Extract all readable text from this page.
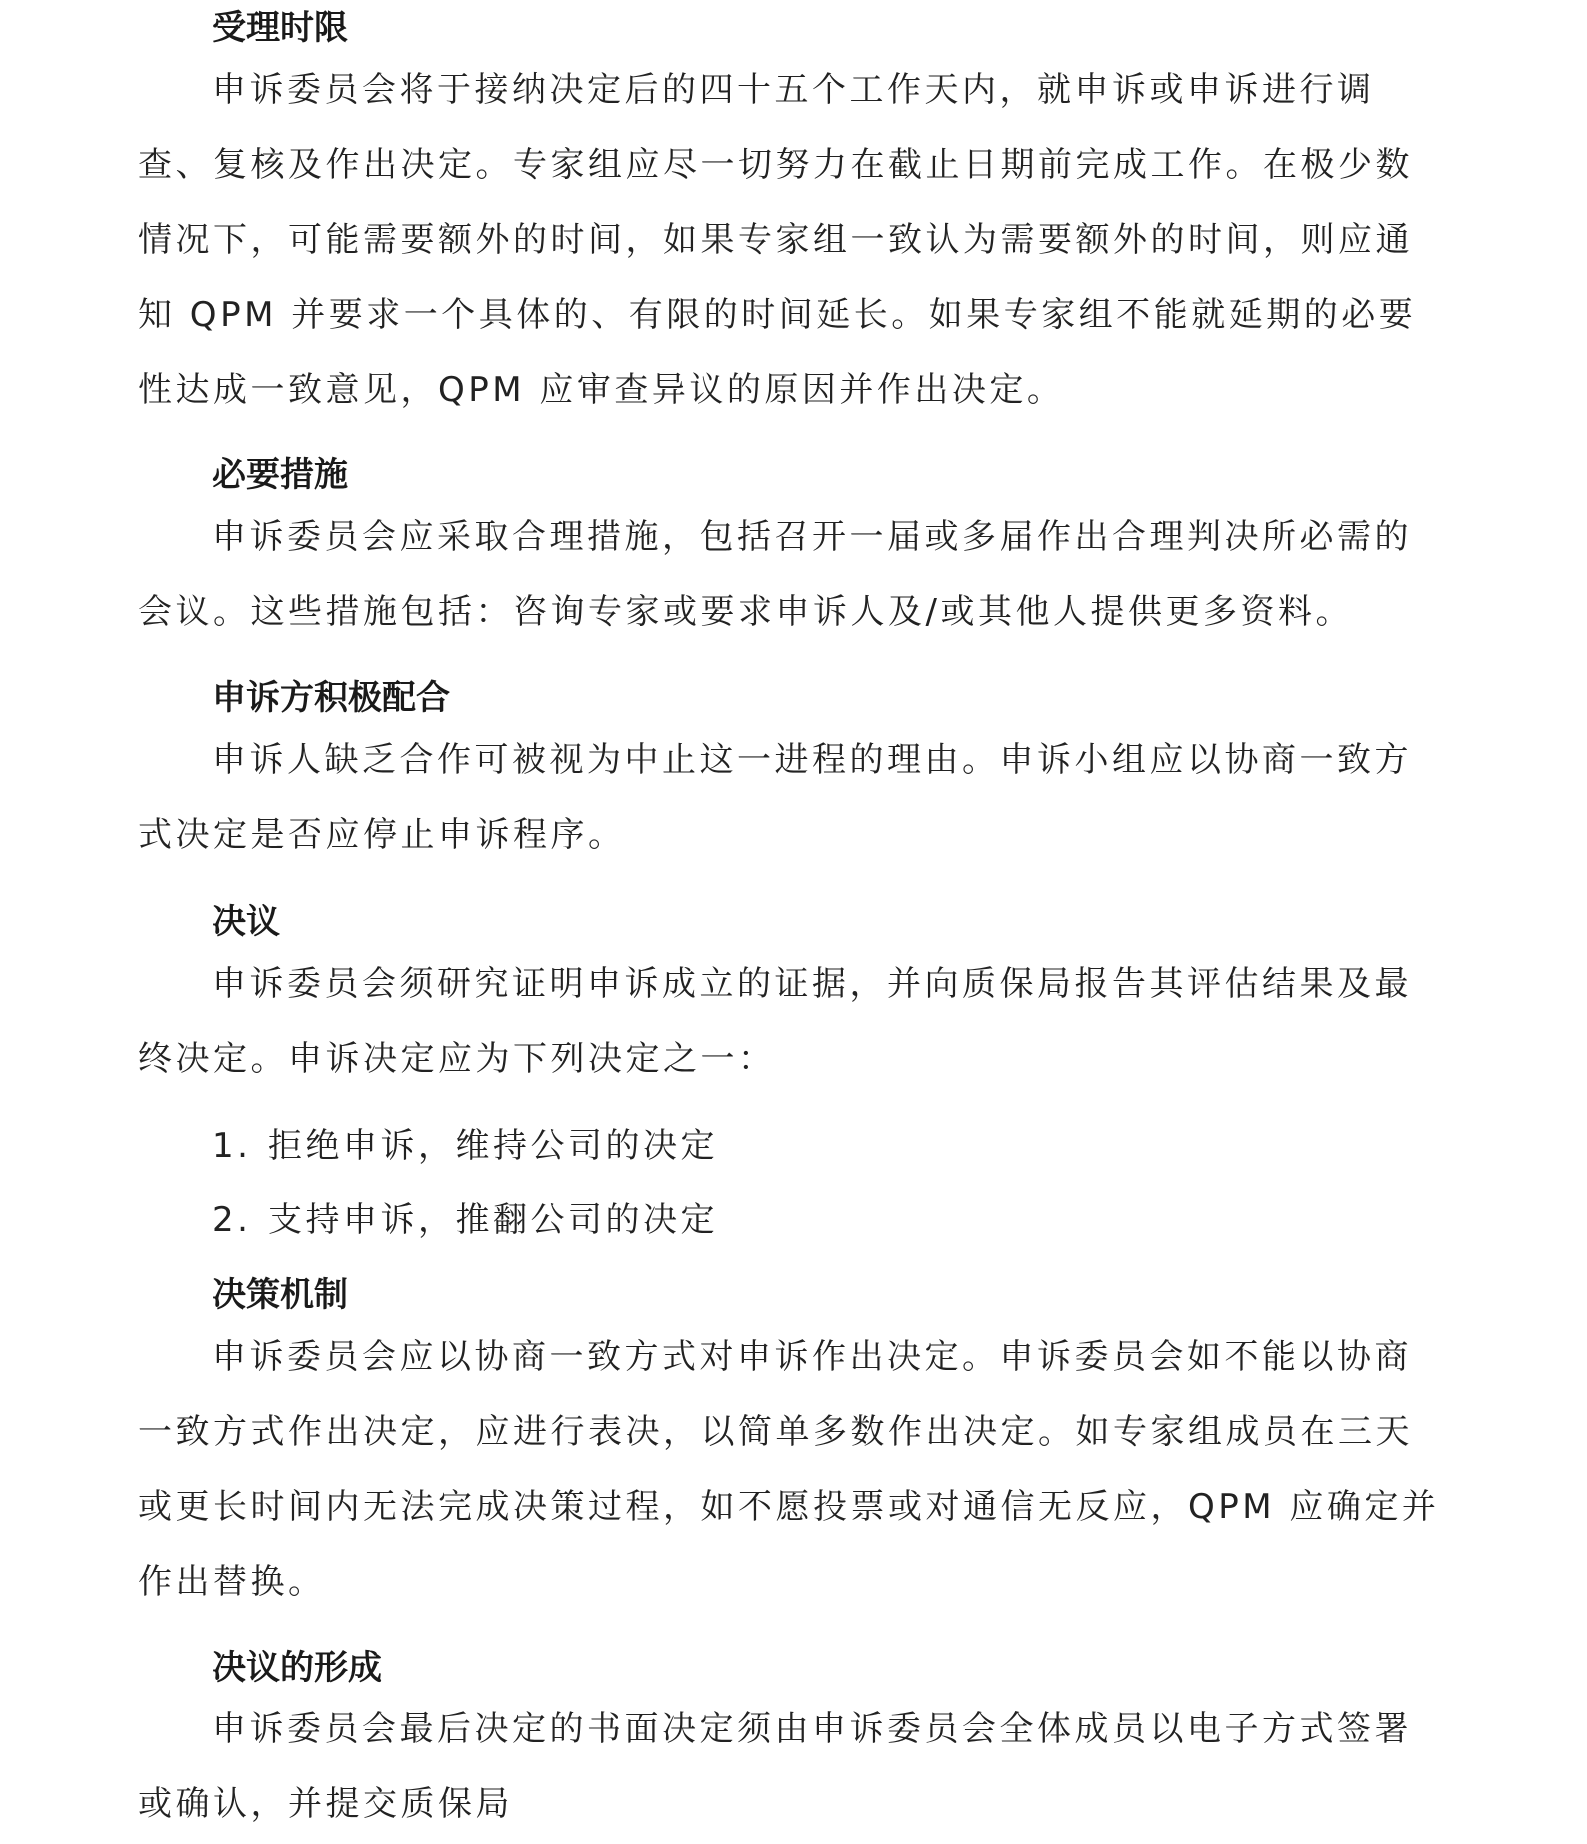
受理时限
申诉委员会将于接纳决定后的四十五个工作天内，就申诉或申诉进行调查、复核及作出决定。专家组应尽一切努力在截止日期前完成工作。在极少数情况下，可能需要额外的时间，如果专家组一致认为需要额外的时间，则应通知 QPM 并要求一个具体的、有限的时间延长。如果专家组不能就延期的必要性达成一致意见，QPM 应审查异议的原因并作出决定。
必要措施
申诉委员会应采取合理措施，包括召开一届或多届作出合理判决所必需的会议。这些措施包括：咨询专家或要求申诉人及/或其他人提供更多资料。
申诉方积极配合
申诉人缺乏合作可被视为中止这一进程的理由。申诉小组应以协商一致方式决定是否应停止申诉程序。
决议
申诉委员会须研究证明申诉成立的证据，并向质保局报告其评估结果及最终决定。申诉决定应为下列决定之一：
1. 拒绝申诉，维持公司的决定
2. 支持申诉，推翻公司的决定
决策机制
申诉委员会应以协商一致方式对申诉作出决定。申诉委员会如不能以协商一致方式作出决定，应进行表决，以简单多数作出决定。如专家组成员在三天或更长时间内无法完成决策过程，如不愿投票或对通信无反应，QPM 应确定并作出替换。
决议的形成
申诉委员会最后决定的书面决定须由申诉委员会全体成员以电子方式签署或确认，并提交质保局
